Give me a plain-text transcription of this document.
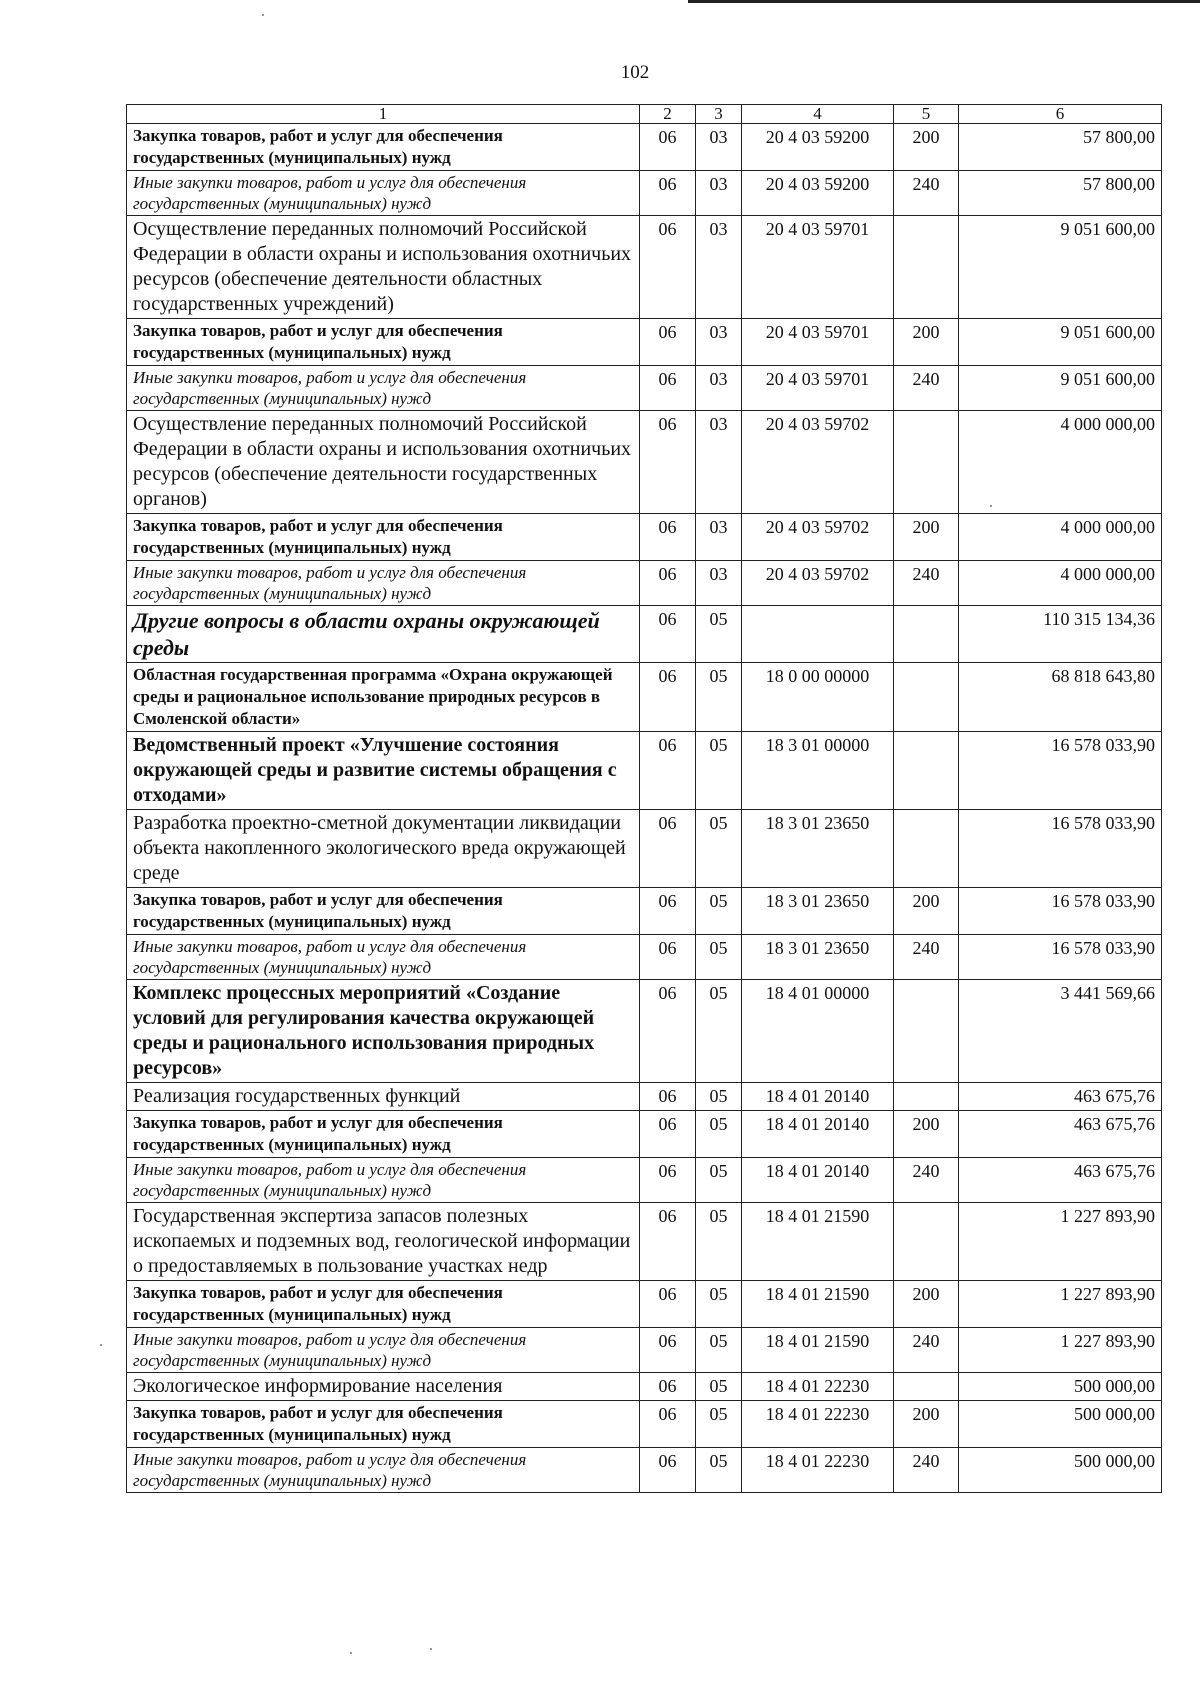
102
1	2	3	4	5	6
Закупка товаров, работ и услуг для обеспечения государственных (муниципальных) нужд	06	03	20 4 03 59200	200	57 800,00
Иные закупки товаров, работ и услуг для обеспечения государственных (муниципальных) нужд	06	03	20 4 03 59200	240	57 800,00
Осуществление переданных полномочий Российской Федерации в области охраны и использования охотничьих ресурсов (обеспечение деятельности областных государственных учреждений)	06	03	20 4 03 59701		9 051 600,00
Закупка товаров, работ и услуг для обеспечения государственных (муниципальных) нужд	06	03	20 4 03 59701	200	9 051 600,00
Иные закупки товаров, работ и услуг для обеспечения государственных (муниципальных) нужд	06	03	20 4 03 59701	240	9 051 600,00
Осуществление переданных полномочий Российской Федерации в области охраны и использования охотничьих ресурсов (обеспечение деятельности государственных органов)	06	03	20 4 03 59702		4 000 000,00
Закупка товаров, работ и услуг для обеспечения государственных (муниципальных) нужд	06	03	20 4 03 59702	200	4 000 000,00
Иные закупки товаров, работ и услуг для обеспечения государственных (муниципальных) нужд	06	03	20 4 03 59702	240	4 000 000,00
Другие вопросы в области охраны окружающей среды	06	05			110 315 134,36
Областная государственная программа «Охрана окружающей среды и рациональное использование природных ресурсов в Смоленской области»	06	05	18 0 00 00000		68 818 643,80
Ведомственный проект «Улучшение состояния окружающей среды и развитие системы обращения с отходами»	06	05	18 3 01 00000		16 578 033,90
Разработка проектно-сметной документации ликвидации объекта накопленного экологического вреда окружающей среде	06	05	18 3 01 23650		16 578 033,90
Закупка товаров, работ и услуг для обеспечения государственных (муниципальных) нужд	06	05	18 3 01 23650	200	16 578 033,90
Иные закупки товаров, работ и услуг для обеспечения государственных (муниципальных) нужд	06	05	18 3 01 23650	240	16 578 033,90
Комплекс процессных мероприятий «Создание условий для регулирования качества окружающей среды и рационального использования природных ресурсов»	06	05	18 4 01 00000		3 441 569,66
Реализация государственных функций	06	05	18 4 01 20140		463 675,76
Закупка товаров, работ и услуг для обеспечения государственных (муниципальных) нужд	06	05	18 4 01 20140	200	463 675,76
Иные закупки товаров, работ и услуг для обеспечения государственных (муниципальных) нужд	06	05	18 4 01 20140	240	463 675,76
Государственная экспертиза запасов полезных ископаемых и подземных вод, геологической информации о предоставляемых в пользование участках недр	06	05	18 4 01 21590		1 227 893,90
Закупка товаров, работ и услуг для обеспечения государственных (муниципальных) нужд	06	05	18 4 01 21590	200	1 227 893,90
Иные закупки товаров, работ и услуг для обеспечения государственных (муниципальных) нужд	06	05	18 4 01 21590	240	1 227 893,90
Экологическое информирование населения	06	05	18 4 01 22230		500 000,00
Закупка товаров, работ и услуг для обеспечения государственных (муниципальных) нужд	06	05	18 4 01 22230	200	500 000,00
Иные закупки товаров, работ и услуг для обеспечения государственных (муниципальных) нужд	06	05	18 4 01 22230	240	500 000,00
